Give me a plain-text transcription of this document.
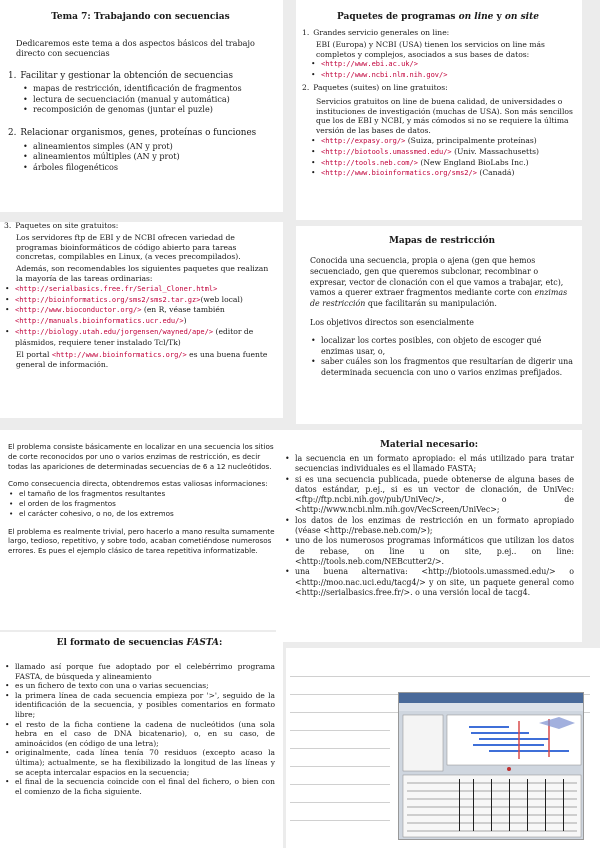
Tema 7: Trabajando con secuencias
Dedicaremos este tema a dos aspectos básicos del trabajo directo con secuencias
1. Facilitar y gestionar la obtención de secuencias
• mapas de restricción, identificación de fragmentos
• lectura de secuenciación (manual y automática)
• recomposición de genomas (juntar el puzle)
2. Relacionar organismos, genes, proteínas o funciones
• alineamientos simples (AN y prot)
• alineamientos múltiples (AN y prot)
• árboles filogenéticos
Paquetes de programas on line y on site
1. Grandes servicio generales on line:
EBI (Europa) y NCBI (USA) tienen los servicios on line más completos y complejos, asociados a sus bases de datos:
• <http://www.ebi.ac.uk/>
• <http://www.ncbi.nlm.nih.gov/>
2. Paquetes (suites) on line gratuitos:
Servicios gratuitos on line de buena calidad, de universidades o instituciones de investigación (muchas de USA). Son más sencillos que los de EBI y NCBI, y más cómodos si no se requiere la última versión de las bases de datos.
• <http://expasy.org/> (Suiza, principalmente proteínas)
• <http://biotools.umassmed.edu/> (Univ. Massachusetts)
• <http://tools.neb.com/> (New England BioLabs Inc.)
• <http://www.bioinformatics.org/sms2/> (Canadá)
3. Paquetes on site gratuitos:
Los servidores ftp de EBI y de NCBI ofrecen variedad de programas bioinformáticos de código abierto para tareas concretas, compilables en Linux, (a veces precompilados).
Además, son recomendables los siguientes paquetes que realizan la mayoría de las tareas ordinarias:
• <http://serialbasics.free.fr/Serial_Cloner.html>
• <http://bioinformatics.org/sms2/sms2.tar.gz>(web local)
• <http://www.bioconductor.org/> (en R, véase también
<http://manuals.bioinformatics.ucr.edu/>)
• <http://biology.utah.edu/jorgensen/wayned/ape/> (editor de plásmidos, requiere tener instalado Tcl/Tk)
El portal <http://www.bioinformatics.org/> es una buena fuente general de información.
Mapas de restricción
Conocida una secuencia, propia o ajena (gen que hemos secuenciado, gen que queremos subclonar, recombinar o expresar, vector de clonación con el que vamos a trabajar, etc), vamos a querer extraer fragmentos mediante corte con enzimas de restricción que facilitarán su manipulación.
Los objetivos directos son esencialmente
• localizar los cortes posibles, con objeto de escoger qué enzimas usar, o,
• saber cuáles son los fragmentos que resultarían de digerir una determinada secuencia con uno o varios enzimas prefijados.
El problema consiste básicamente en localizar en una secuencia los sitios de corte reconocidos por uno o varios enzimas de restricción, es decir todas las apariciones de determinadas secuencias de 6 a 12 nucleótidos.
Como consecuencia directa, obtendremos estas valiosas informaciones:
• el tamaño de los fragmentos resultantes
• el orden de los fragmentos
• el carácter cohesivo, o no, de los extremos
El problema es realmente trivial, pero hacerlo a mano resulta sumamente largo, tedioso, repetitivo, y sobre todo, acaban cometiéndose numerosos errores. Es pues el ejemplo clásico de tarea repetitiva informatizable.
Material necesario:
• la secuencia en un formato apropiado: el más utilizado para tratar secuencias individuales es el llamado FASTA;
• si es una secuencia publicada, puede obtenerse de alguna bases de datos estándar, p.ej., si es un vector de clonación, de UniVec: <ftp://ftp.ncbi.nih.gov/pub/UniVec/>, o de <http://www.ncbi.nlm.nih.gov/VecScreen/UniVec>;
• los datos de los enzimas de restricción en un formato apropiado (véase <http://rebase.neb.com/>);
• uno de los numerosos programas informáticos que utilizan los datos de rebase, on line u on site, p.ej.. on line: <http://tools.neb.com/NEBcutter2/>.
• una buena alternativa: <http://biotools.umassmed.edu/> o <http://moo.nac.uci.edu/tacg4/> y on site, un paquete general como <http://serialbasics.free.fr/>. o una versión local de tacg4.
El formato de secuencias FASTA:
• llamado así porque fue adoptado por el celebérrimo programa FASTA, de búsqueda y alineamiento
• es un fichero de texto con una o varias secuencias;
• la primera línea de cada secuencia empieza por '>', seguido de la identificación de la secuencia, y posibles comentarios en formato libre;
• el resto de la ficha contiene la cadena de nucleótidos (una sola hebra en el caso de DNA bicatenario), o, en su caso, de aminoácidos (en código de una letra);
• originalmente, cada línea tenía 70 residuos (excepto acaso la última); actualmente, se ha flexibilizado la longitud de las líneas y se acepta intercalar espacios en la secuencia;
• el final de la secuencia coincide con el final del fichero, o bien con el comienzo de la ficha siguiente.
